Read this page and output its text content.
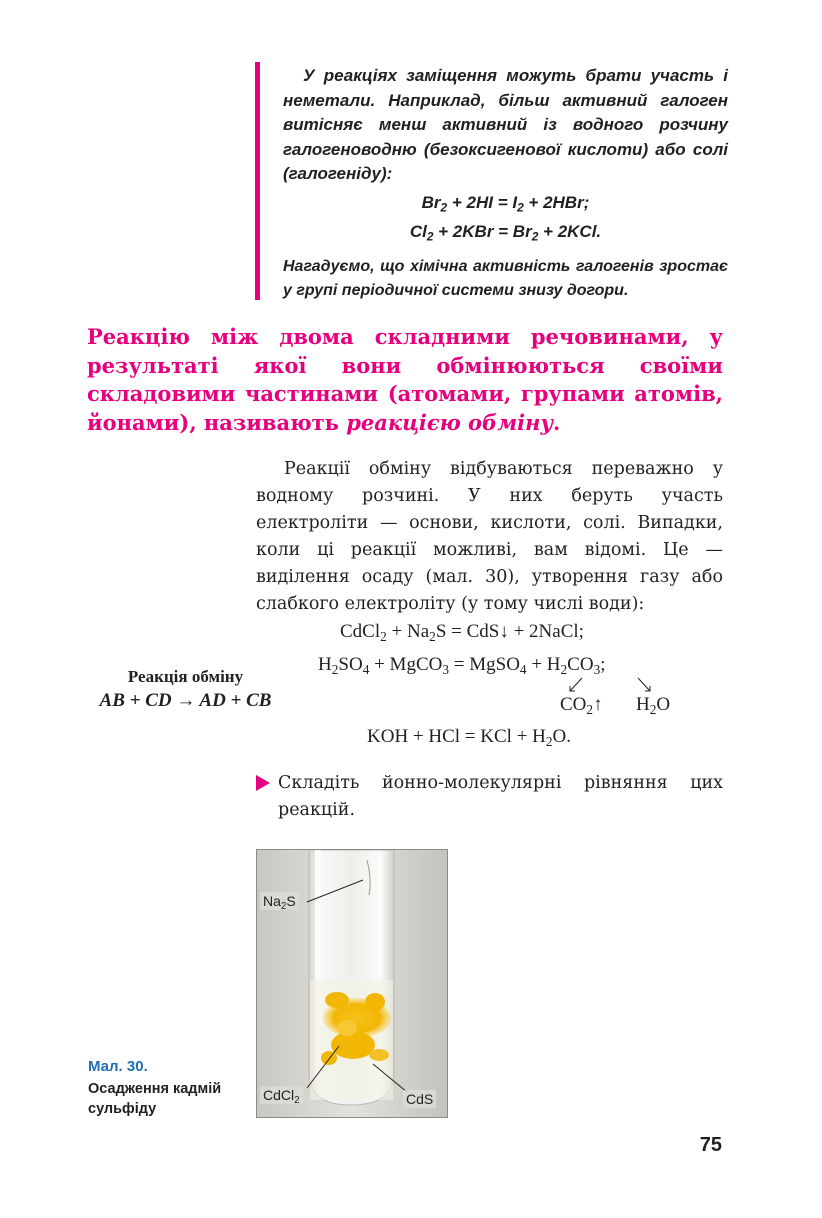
У реакціях заміщення можуть брати участь і неметали. Наприклад, більш активний галоген витісняє менш активний із водного розчину галогеноводню (безоксигенової кислоти) або солі (галогеніду):
$Br_2 + 2HI = I_2 + 2HBr$;
$Cl_2 + 2KBr = Br_2 + 2KCl$.
Нагадуємо, що хімічна активність галогенів зростає у групі періодичної системи знизу догори.
Реакцію між двома складними речовинами, у результаті якої вони обмінюються своїми складовими частинами (атомами, групами атомів, йонами), називають реакцією обміну.
Реакції обміну відбуваються переважно у водному розчині. У них беруть участь електроліти — основи, кислоти, солі. Випадки, коли ці реакції можливі, вам відомі. Це — виділення осаду (мал. 30), утворення газу або слабкого електроліту (у тому числі води):
CdCl$_2$ + $Na_2S$ = CdS↓ + 2NaCl;
$H_2SO_4$ + MgCO$_3$ = MgSO$_4$ + $H_2CO_3$;
$CO_2↑$ $H_2O$
KOH + HCl = KCl + $H_2O$.
Реакція обміну
AB + CD → AD + CB
Складіть йонно-молекулярні рівняння цих реакцій.
$Na_2S$
CdCl$_2$	CdS
Мал. 30.
Осадження кадмій сульфіду
75
